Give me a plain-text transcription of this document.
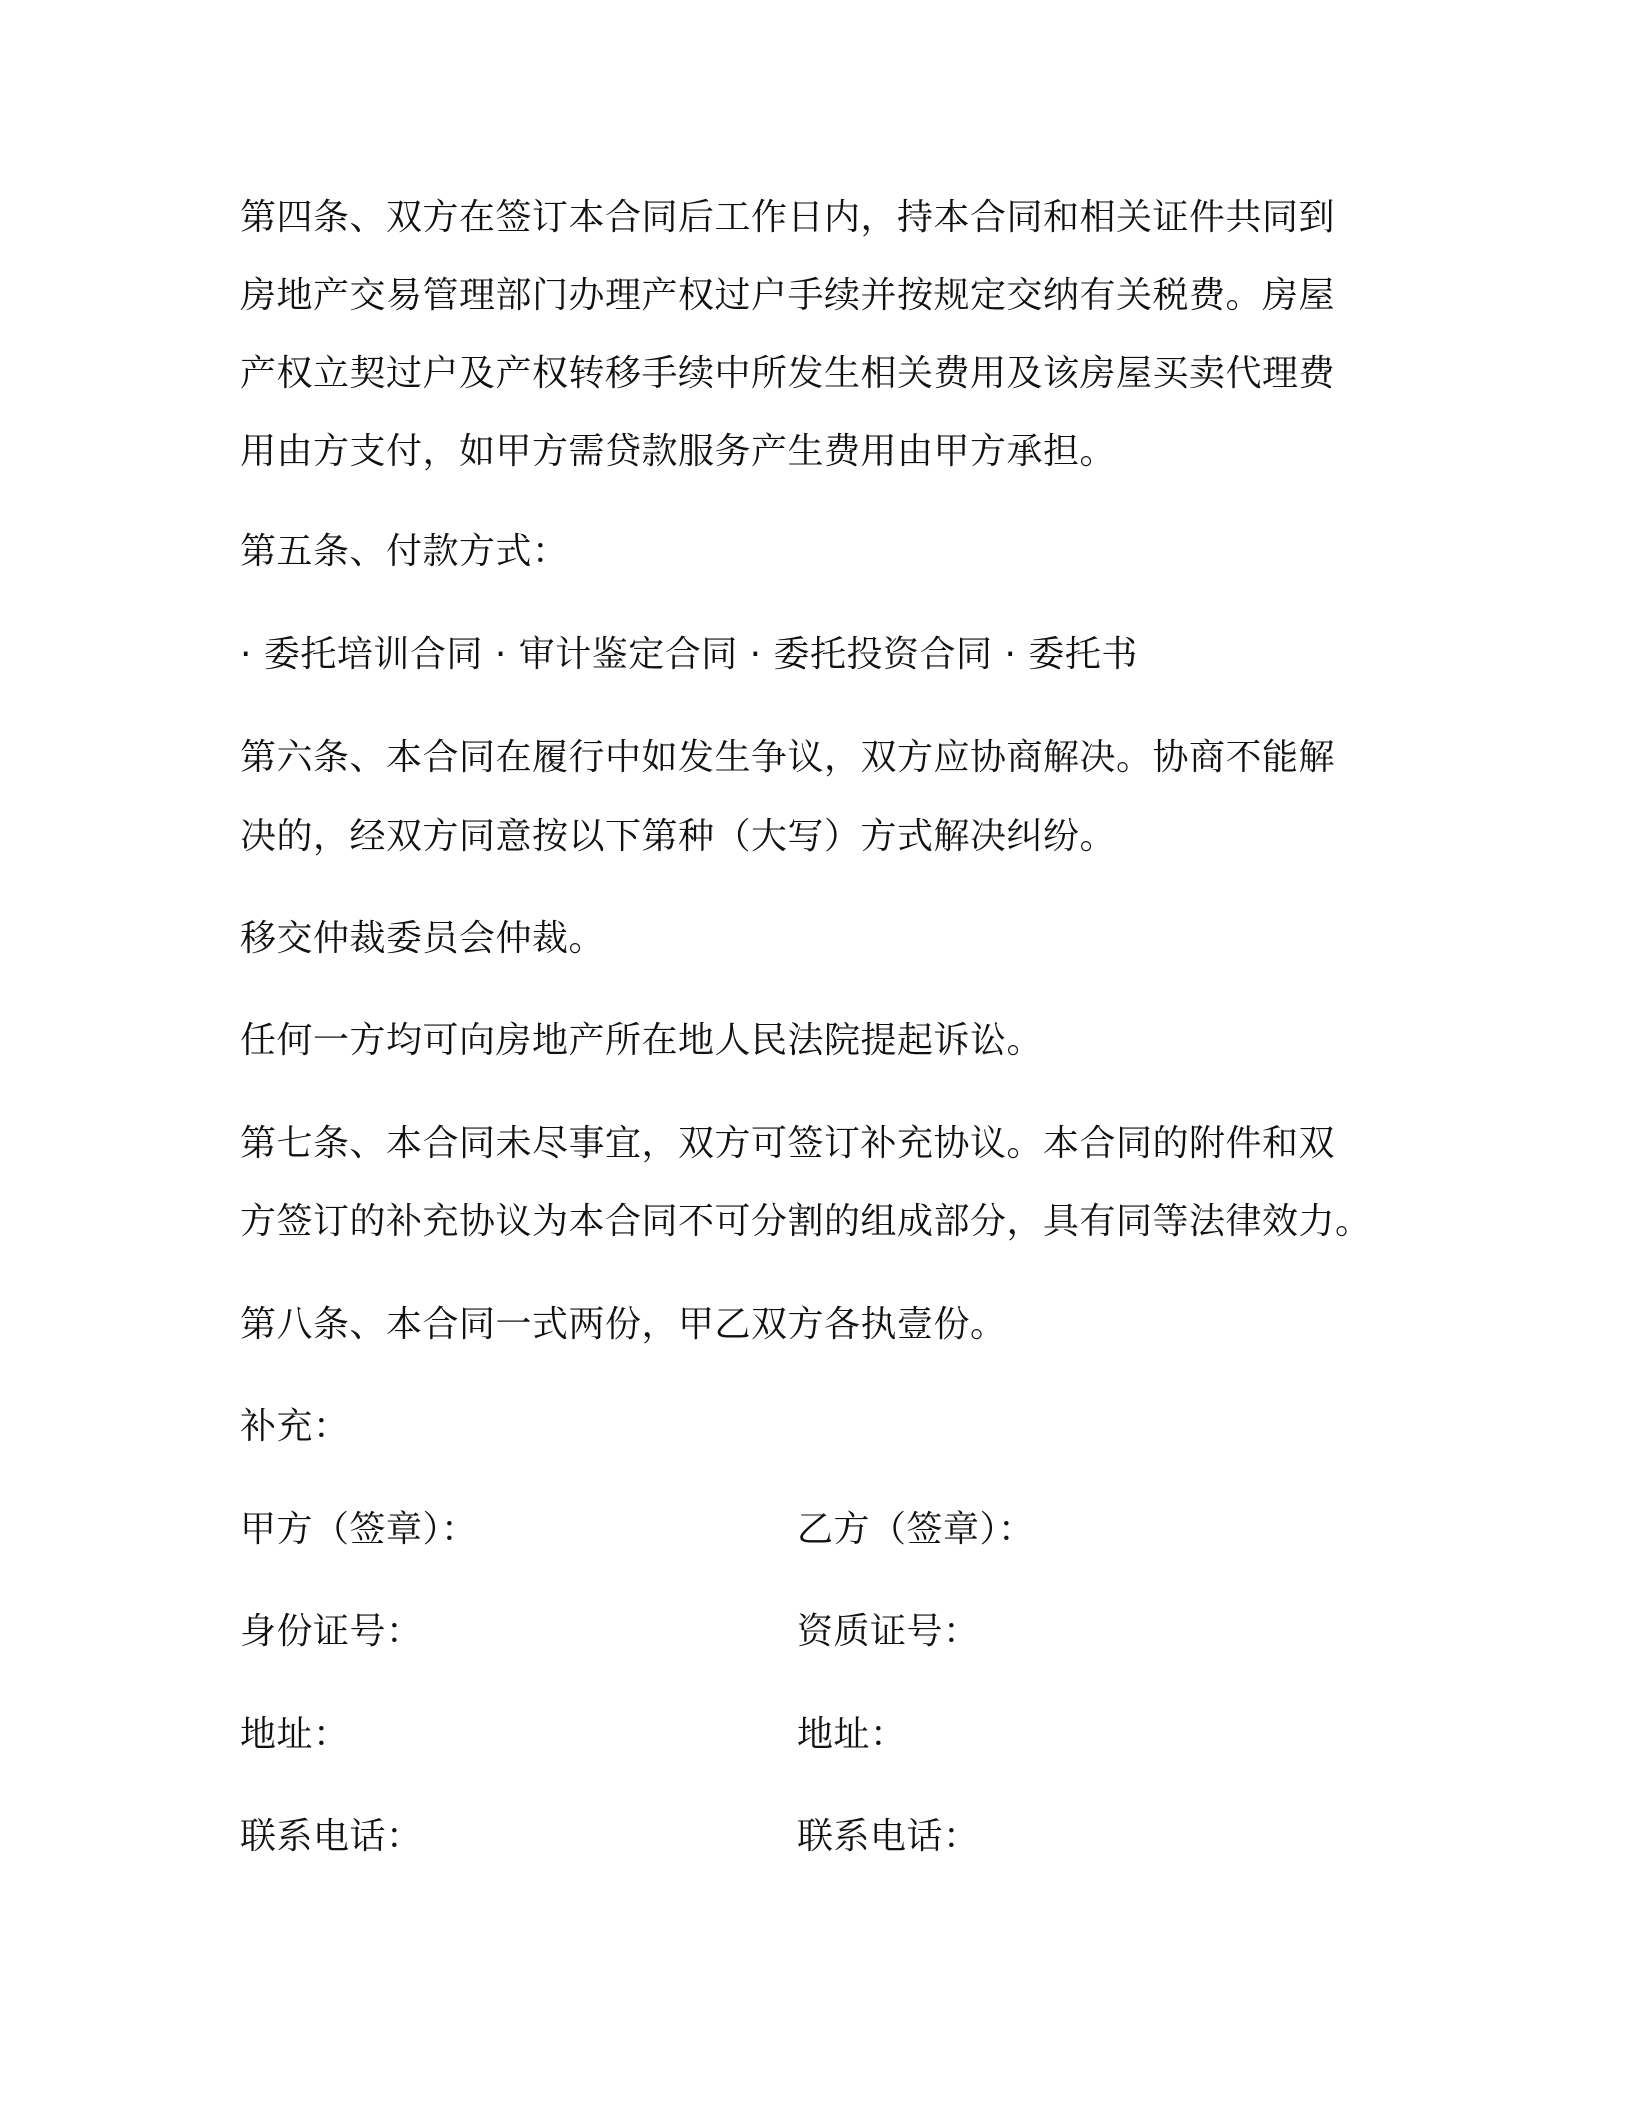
第四条、双方在签订本合同后工作日内，持本合同和相关证件共同到
房地产交易管理部门办理产权过户手续并按规定交纳有关税费。房屋
产权立契过户及产权转移手续中所发生相关费用及该房屋买卖代理费
用由方支付，如甲方需贷款服务产生费用由甲方承担。
第五条、付款方式：
· 委托培训合同 · 审计鉴定合同 · 委托投资合同 · 委托书
第六条、本合同在履行中如发生争议，双方应协商解决。协商不能解
决的，经双方同意按以下第种（大写）方式解决纠纷。
移交仲裁委员会仲裁。
任何一方均可向房地产所在地人民法院提起诉讼。
第七条、本合同未尽事宜，双方可签订补充协议。本合同的附件和双
方签订的补充协议为本合同不可分割的组成部分，具有同等法律效力。
第八条、本合同一式两份，甲乙双方各执壹份。
补充：
甲方（签章）：	乙方（签章）：
身份证号：	资质证号：
地址：	地址：
联系电话：	联系电话：
